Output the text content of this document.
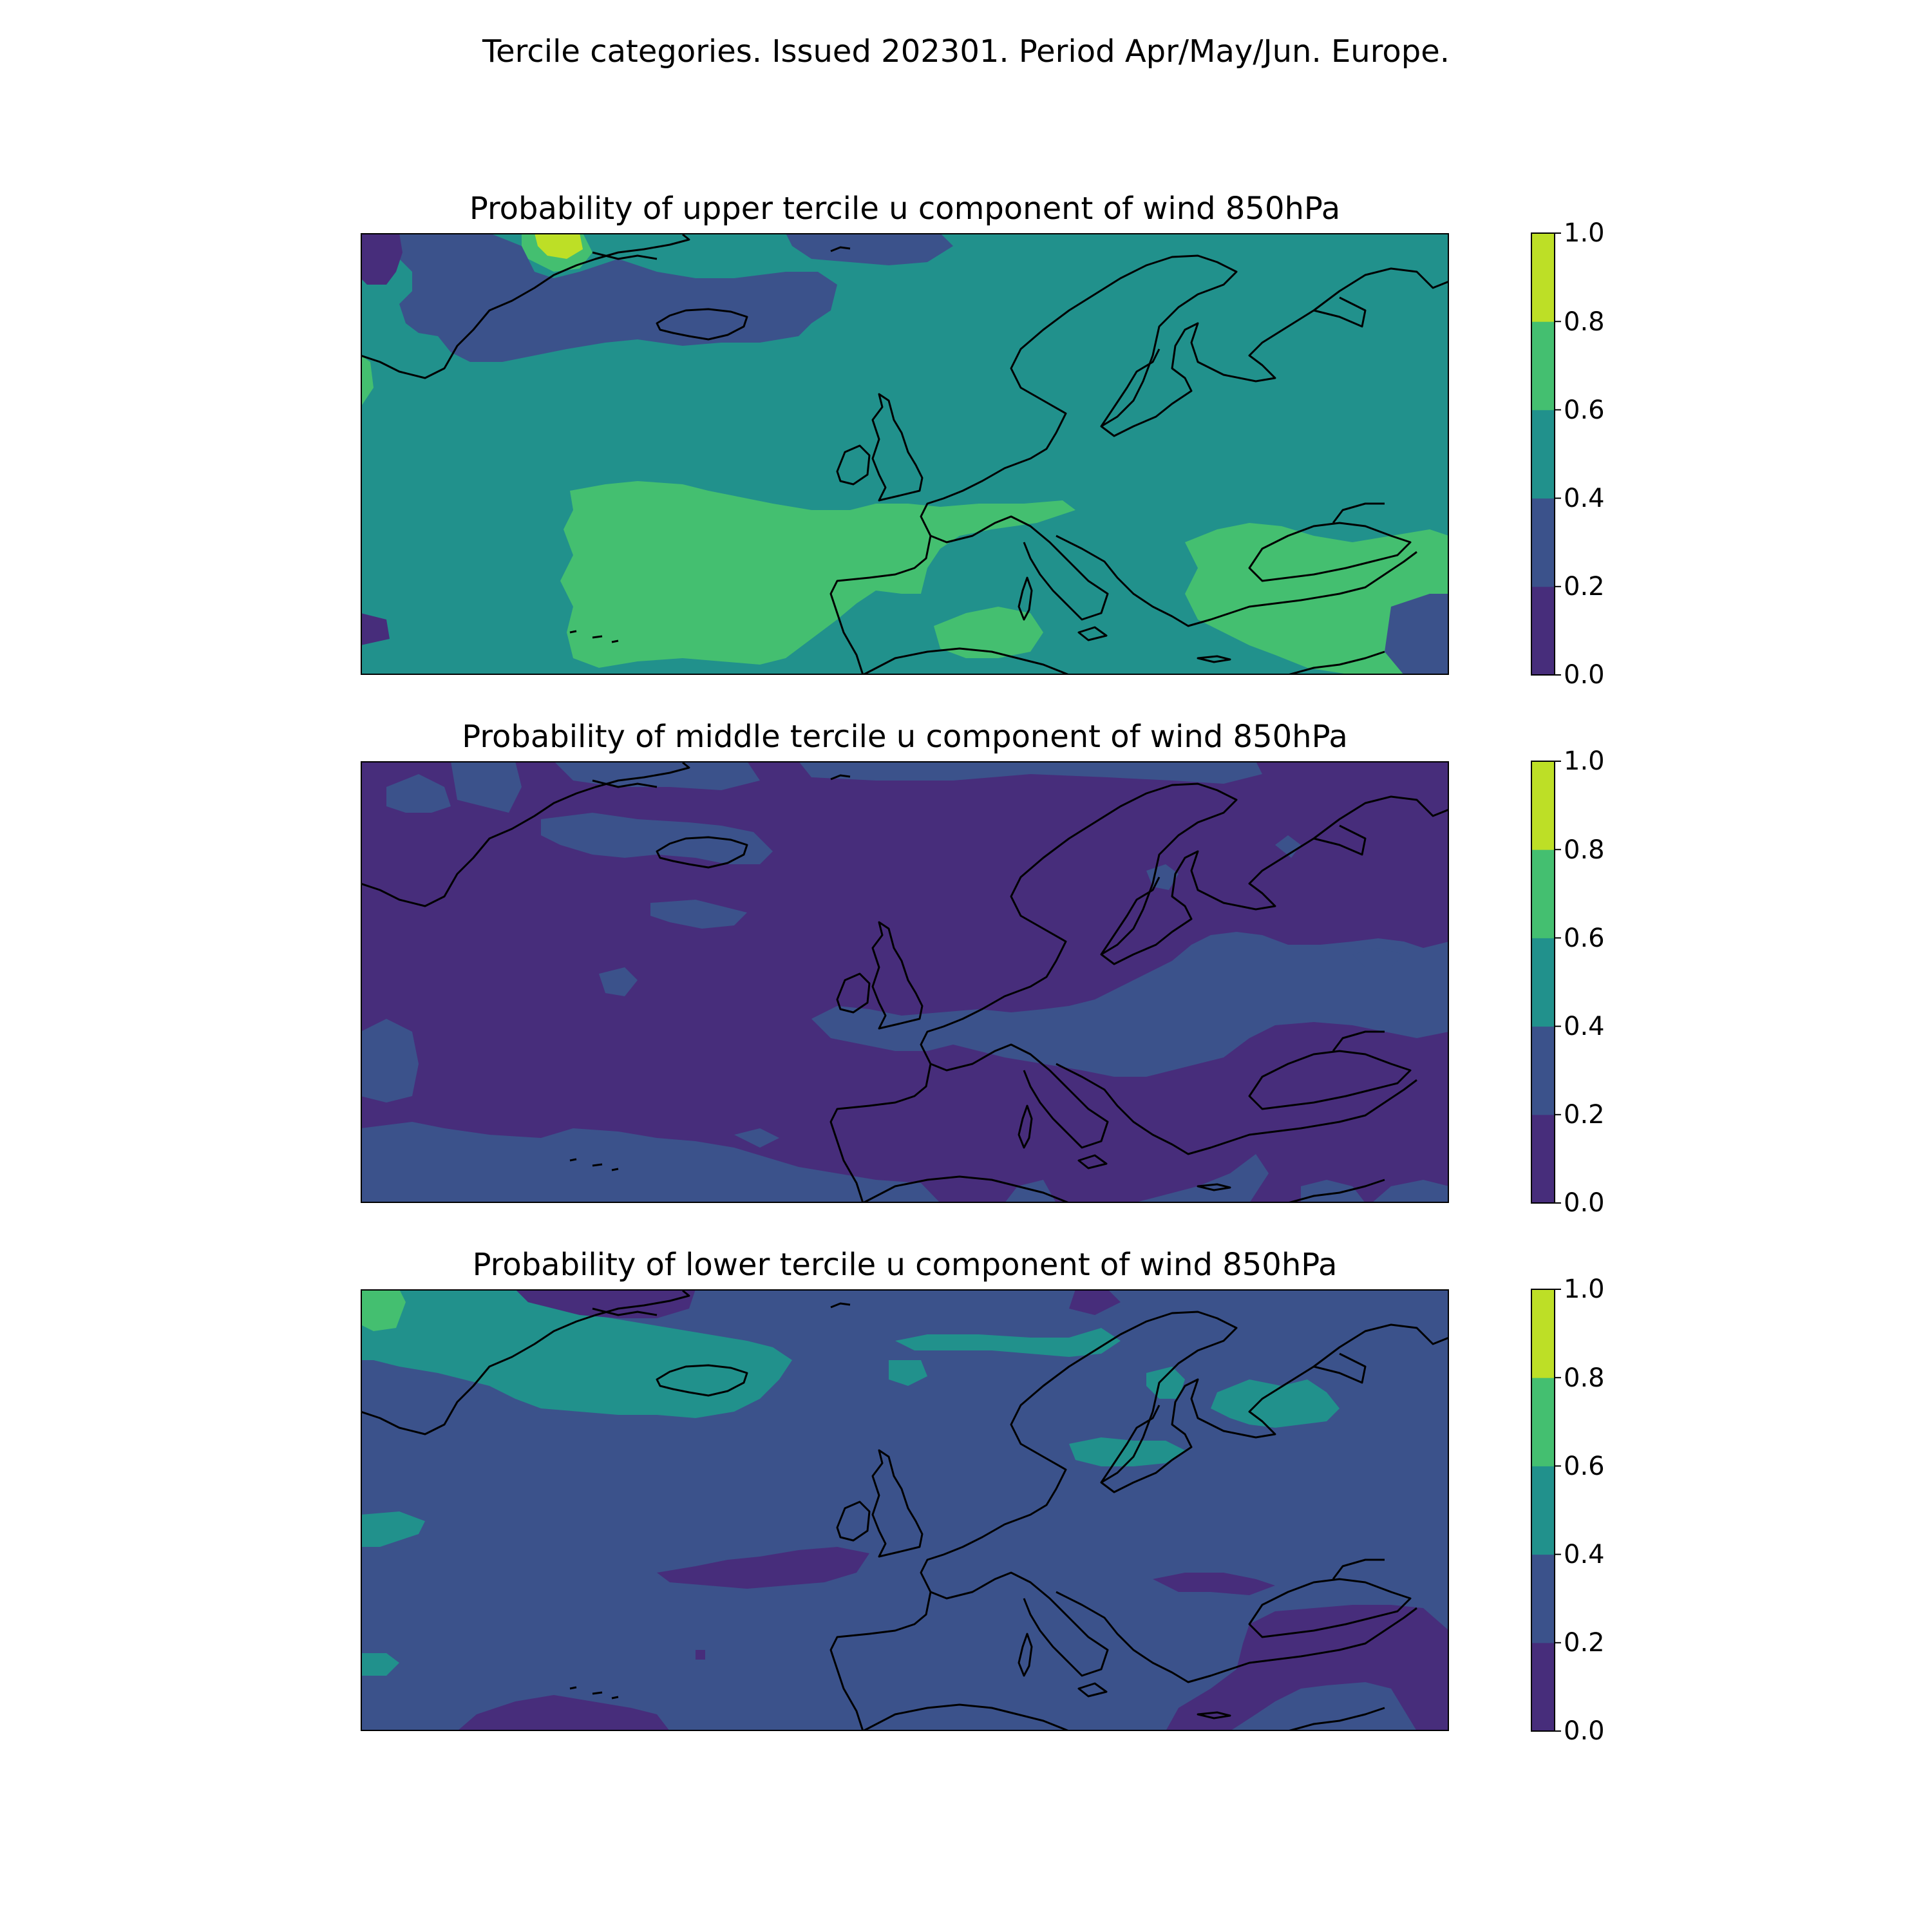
Tercile categories. Issued 202301. Period Apr/May/Jun. Europe.
Probability of upper tercile u component of wind 850hPa
Probability of middle tercile u component of wind 850hPa
Probability of lower tercile u component of wind 850hPa
0.0
0.2
0.4
0.6
0.8
1.0
0.0
0.2
0.4
0.6
0.8
1.0
0.0
0.2
0.4
0.6
0.8
1.0
